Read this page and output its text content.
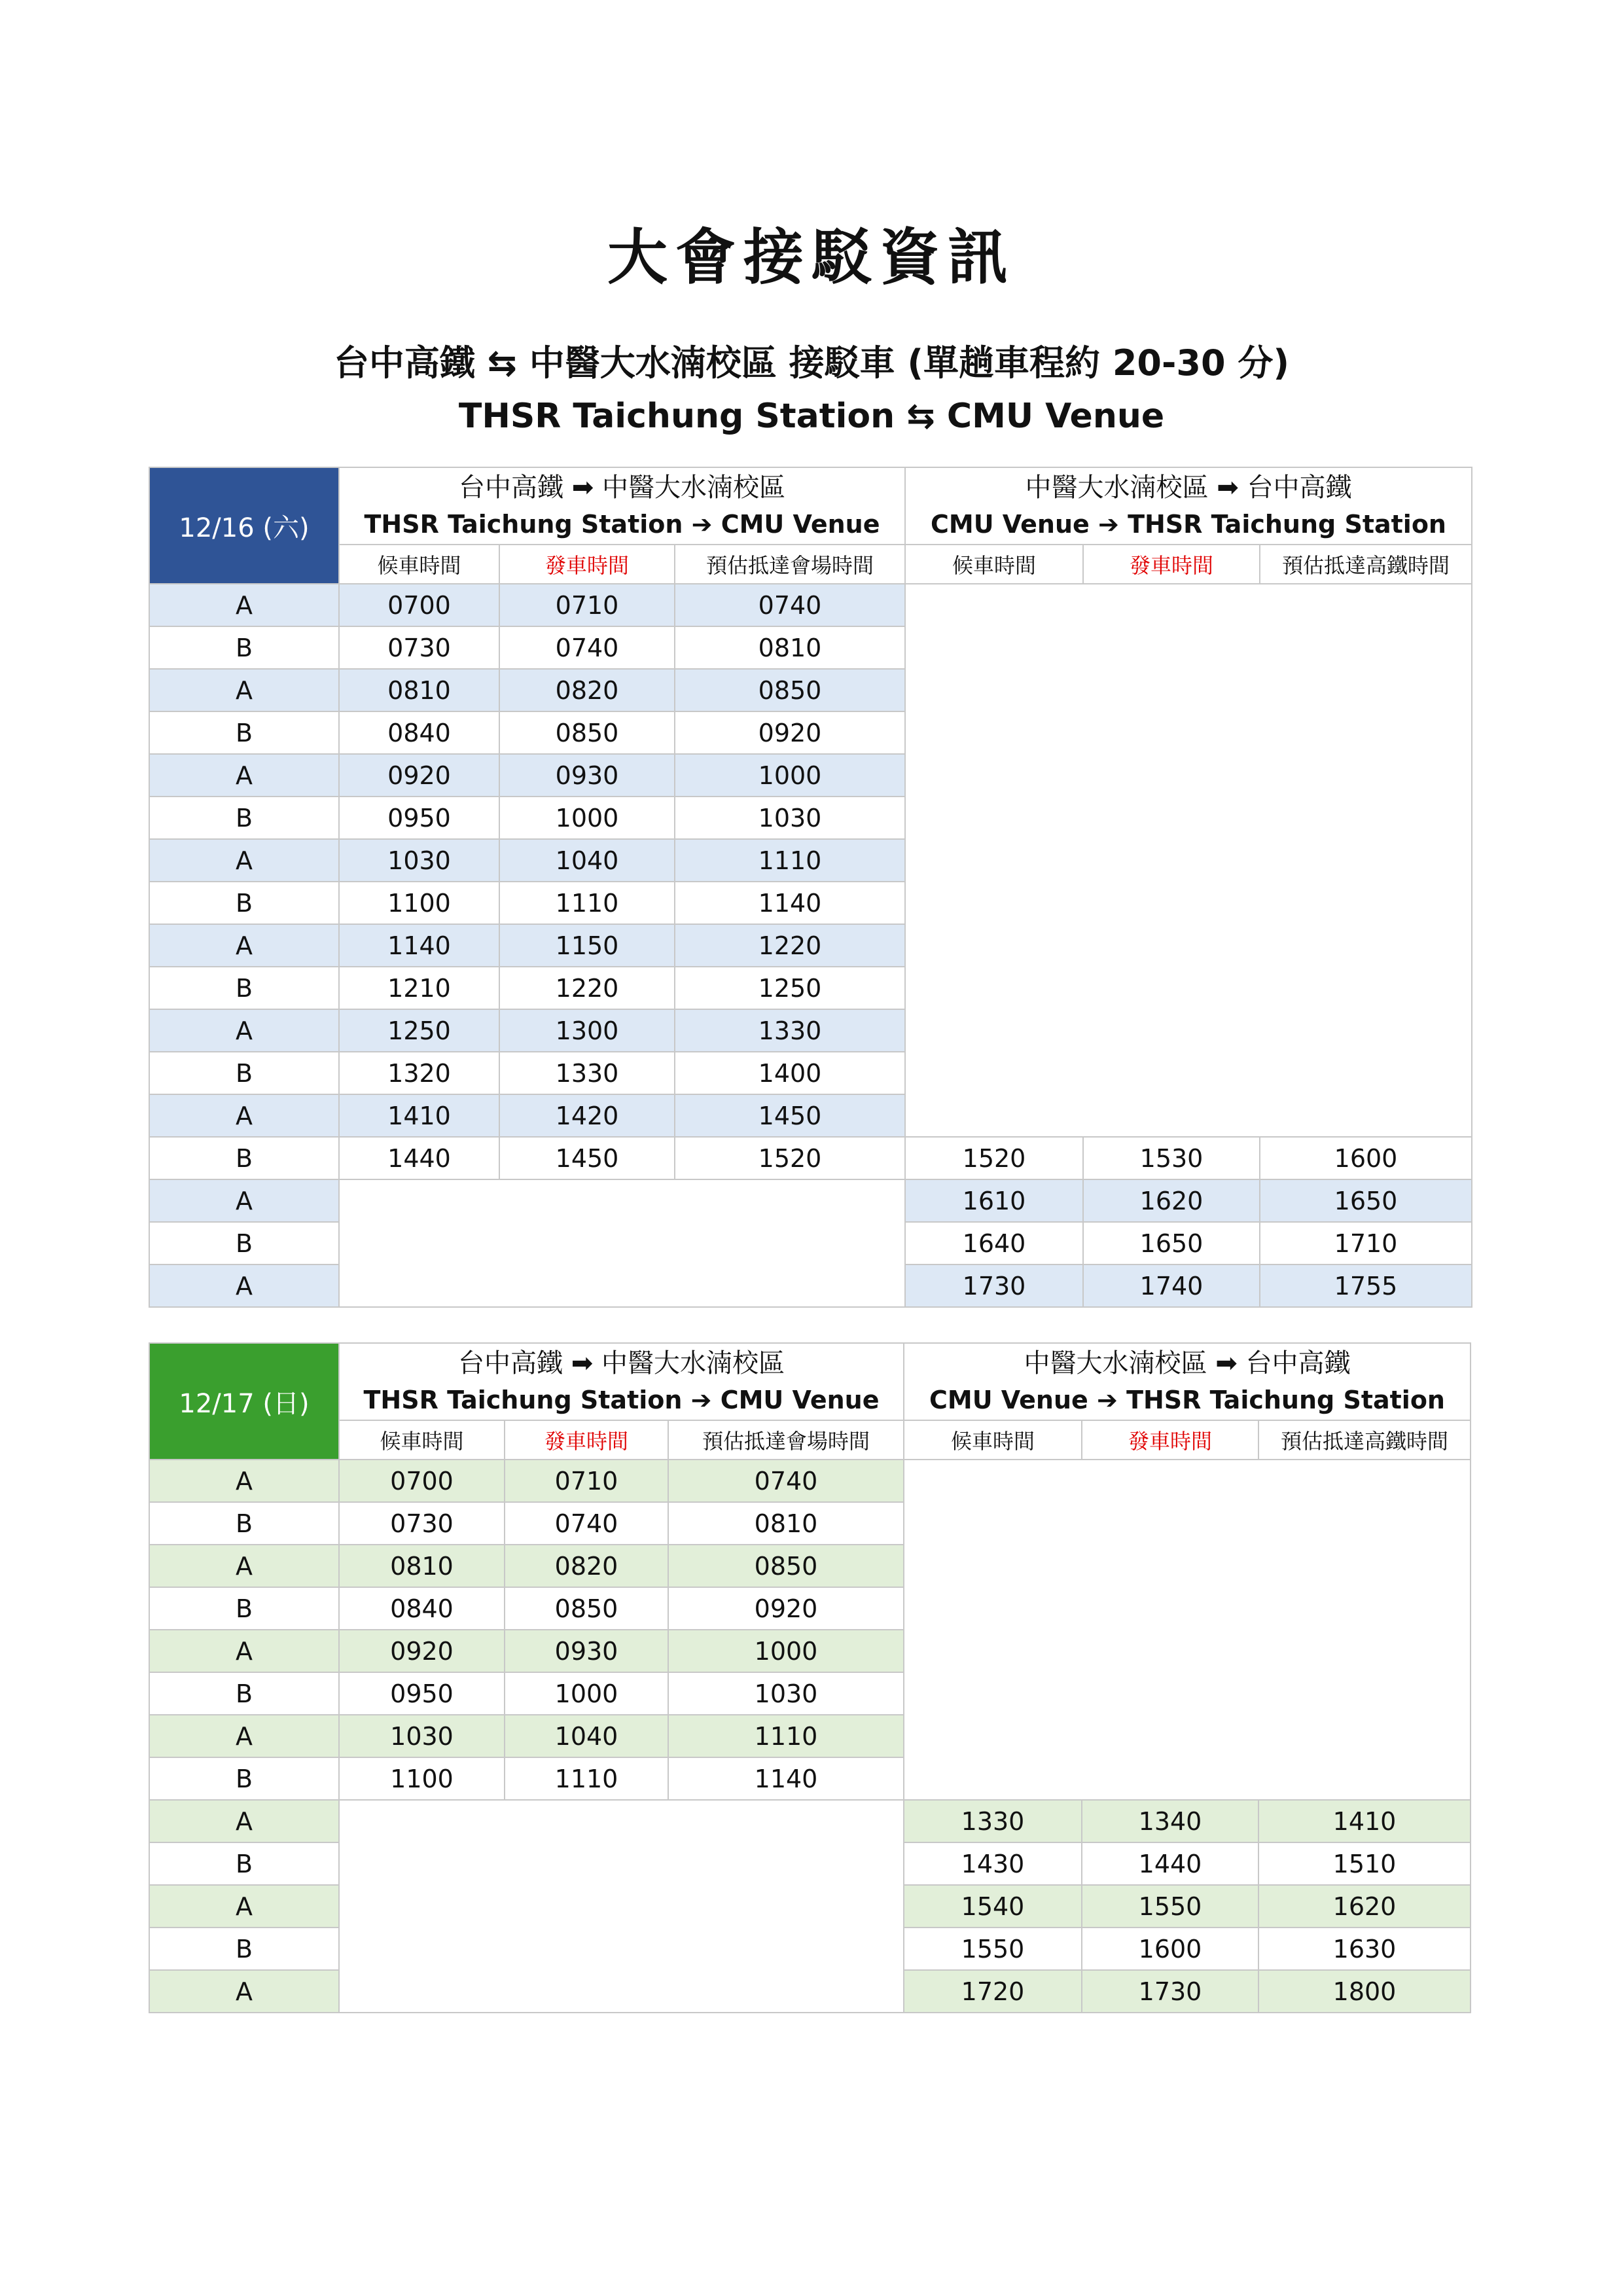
大會接駁資訊
台中高鐵 ⇆ 中醫大水湳校區 接駁車 (單趟車程約 20-30 分)
THSR Taichung Station ⇆ CMU Venue
12/16 (六)	台中高鐵 ➡ 中醫大水湳校區
THSR Taichung Station ➔ CMU Venue			中醫大水湳校區 ➡ 台中高鐵
CMU Venue ➔ THSR Taichung Station		

	候車時間	發車時間	預估抵達會場時間	候車時間	發車時間	預估抵達高鐵時間
A	0700	0710	0740			
B	0730	0740	0810			
A	0810	0820	0850			
B	0840	0850	0920			
A	0920	0930	1000			
B	0950	1000	1030			
A	1030	1040	1110			
B	1100	1110	1140			
A	1140	1150	1220			
B	1210	1220	1250			
A	1250	1300	1330			
B	1320	1330	1400			
A	1410	1420	1450			
B	1440	1450	1520	1520	1530	1600
A				1610	1620	1650
B				1640	1650	1710
A				1730	1740	1755
12/17 (日)	台中高鐵 ➡ 中醫大水湳校區
THSR Taichung Station ➔ CMU Venue			中醫大水湳校區 ➡ 台中高鐵
CMU Venue ➔ THSR Taichung Station		

	候車時間	發車時間	預估抵達會場時間	候車時間	發車時間	預估抵達高鐵時間
A	0700	0710	0740			
B	0730	0740	0810			
A	0810	0820	0850			
B	0840	0850	0920			
A	0920	0930	1000			
B	0950	1000	1030			
A	1030	1040	1110			
B	1100	1110	1140			
A				1330	1340	1410
B				1430	1440	1510
A				1540	1550	1620
B				1550	1600	1630
A				1720	1730	1800
